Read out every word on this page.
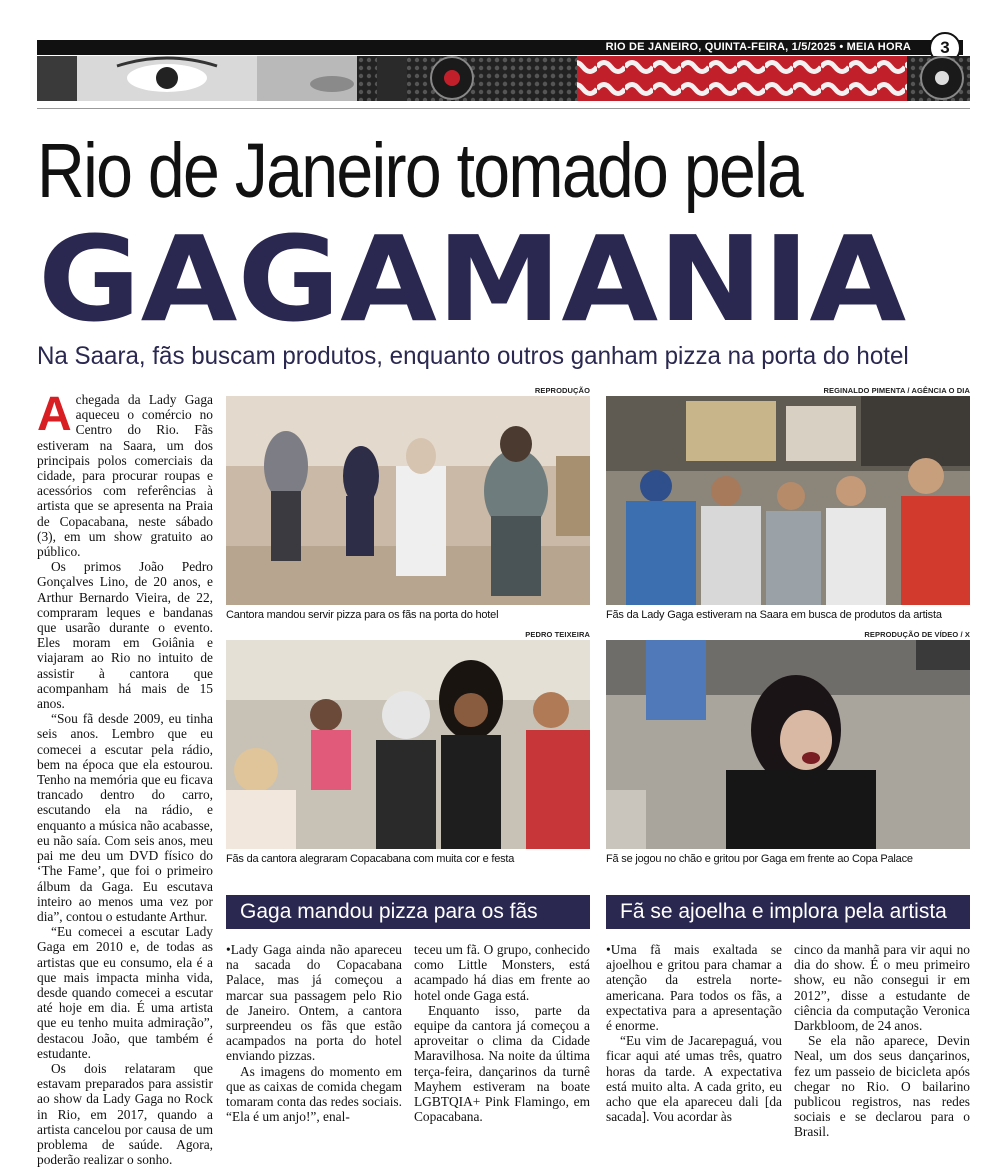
RIO DE JANEIRO, QUINTA-FEIRA, 1/5/2025 • MEIA HORA	3
Rio de Janeiro tomado pela
GAGAMANIA
Na Saara, fãs buscam produtos, enquanto outros ganham pizza na porta do hotel

Achegada da Lady Gaga aqueceu o comércio no Centro do Rio. Fãs estiveram na Saara, um dos principais polos comerciais da cidade, para procurar roupas e acessórios com referências à artista que se apresenta na Praia de Copacabana, neste sábado (3), em um show gratuito ao público.

Os primos João Pedro Gonçalves Lino, de 20 anos, e Arthur Bernardo Vieira, de 22, compraram leques e bandanas que usarão durante o evento. Eles moram em Goiânia e viajaram ao Rio no intuito de assistir à cantora que acompanham há mais de 15 anos.

“Sou fã desde 2009, eu tinha seis anos. Lembro que eu comecei a escutar pela rádio, bem na época que ela estourou. Tenho na memória que eu ficava trancado dentro do carro, escutando ela na rádio, e enquanto a música não acabasse, eu não saía. Com seis anos, meu pai me deu um DVD físico do ‘The Fame’, que foi o primeiro álbum da Gaga. Eu escutava inteiro ao menos uma vez por dia”, contou o estudante Arthur.

“Eu comecei a escutar Lady Gaga em 2010 e, de todas as artistas que eu consumo, ela é a que mais impacta minha vida, desde quando comecei a escutar até hoje em dia. É uma artista que eu tenho muita admiração”, destacou João, que também é estudante.

Os dois relataram que estavam preparados para assistir ao show da Lady Gaga no Rock in Rio, em 2017, quando a artista cancelou por causa de um problema de saúde. Agora, poderão realizar o sonho.

REPRODUÇÃO
Cantora mandou servir pizza para os fãs na porta do hotel
REGINALDO PIMENTA / AGÊNCIA O DIA
Fãs da Lady Gaga estiveram na Saara em busca de produtos da artista
PEDRO TEIXEIRA
Fãs da cantora alegraram Copacabana com muita cor e festa
REPRODUÇÃO DE VÍDEO / X
Fã se jogou no chão e gritou por Gaga em frente ao Copa Palace
Gaga mandou pizza para os fãs

• Lady Gaga ainda não apareceu na sacada do Copacabana Palace, mas já começou a marcar sua passagem pelo Rio de Janeiro. Ontem, a cantora surpreendeu os fãs que estão acampados na porta do hotel enviando pizzas.

As imagens do momento em que as caixas de comida chegam tomaram conta das redes sociais. “Ela é um anjo!”, enal-

teceu um fã. O grupo, conhecido como Little Monsters, está acampado há dias em frente ao hotel onde Gaga está.

Enquanto isso, parte da equipe da cantora já começou a aproveitar o clima da Cidade Maravilhosa. Na noite da última terça-feira, dançarinos da turnê Mayhem estiveram na boate LGBTQIA+ Pink Flamingo, em Copacabana.

Fã se ajoelha e implora pela artista

• Uma fã mais exaltada se ajoelhou e gritou para chamar a atenção da estrela norte-americana. Para todos os fãs, a expectativa para a apresentação é enorme.

“Eu vim de Jacarepaguá, vou ficar aqui até umas três, quatro horas da tarde. A expectativa está muito alta. A cada grito, eu acho que ela apareceu dali [da sacada]. Vou acordar às

cinco da manhã para vir aqui no dia do show. É o meu primeiro show, eu não consegui ir em 2012”, disse a estudante de ciência da computação Veronica Darkbloom, de 24 anos.

Se ela não aparece, Devin Neal, um dos seus dançarinos, fez um passeio de bicicleta após chegar no Rio. O bailarino publicou registros, nas redes sociais e se declarou para o Brasil.
